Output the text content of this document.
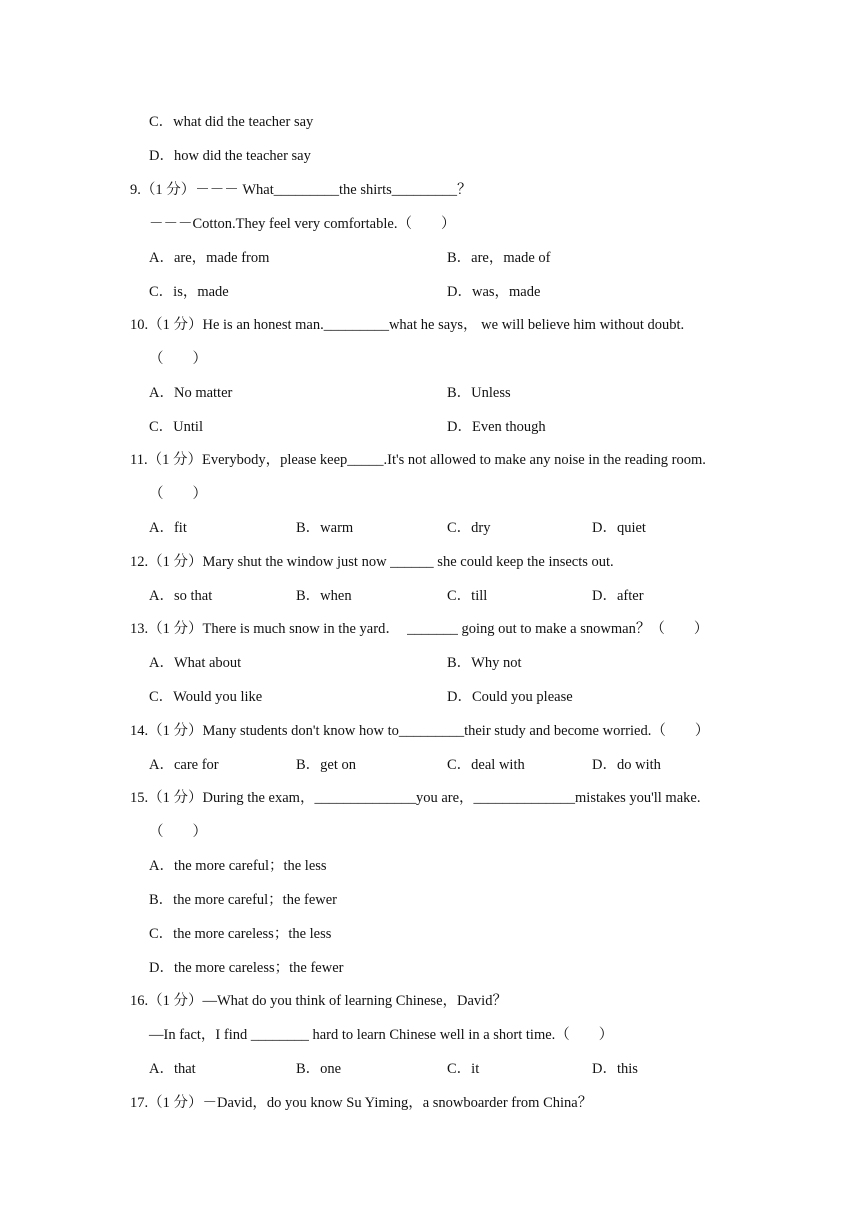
C．what did the teacher say
D．how did the teacher say
9.（1 分）－－－ What_________the shirts_________？
－－－Cotton.They feel very comfortable.（　　）
A．are，made from	B．are，made of
C．is，made	D．was，made
10.（1 分）He is an honest man._________what he says， we will believe him without doubt.
（　　）
A．No matter	B．Unless
C．Until	D．Even though
11.（1 分）Everybody，please keep_____.It's not allowed to make any noise in the reading room.
（　　）
A．fit	B．warm	C．dry	D．quiet
12.（1 分）Mary shut the window just now ______ she could keep the insects out.
A．so that	B．when	C．till	D．after
13.（1 分）There is much snow in the yard．  _______ going out to make a snowman？（　　）
A．What about	B．Why not
C．Would you like	D．Could you please
14.（1 分）Many students don't know how to_________their study and become worried.（　　）
A．care for	B．get on	C．deal with	D．do with
15.（1 分）During the exam，______________you are，______________mistakes you'll make.
（　　）
A．the more careful；the less
B．the more careful；the fewer
C．the more careless；the less
D．the more careless；the fewer
16.（1 分）—What do you think of learning Chinese，David？
—In fact，I find ________ hard to learn Chinese well in a short time.（　　）
A．that	B．one	C．it	D．this
17.（1 分）－David，do you know Su Yiming，a snowboarder from China？
